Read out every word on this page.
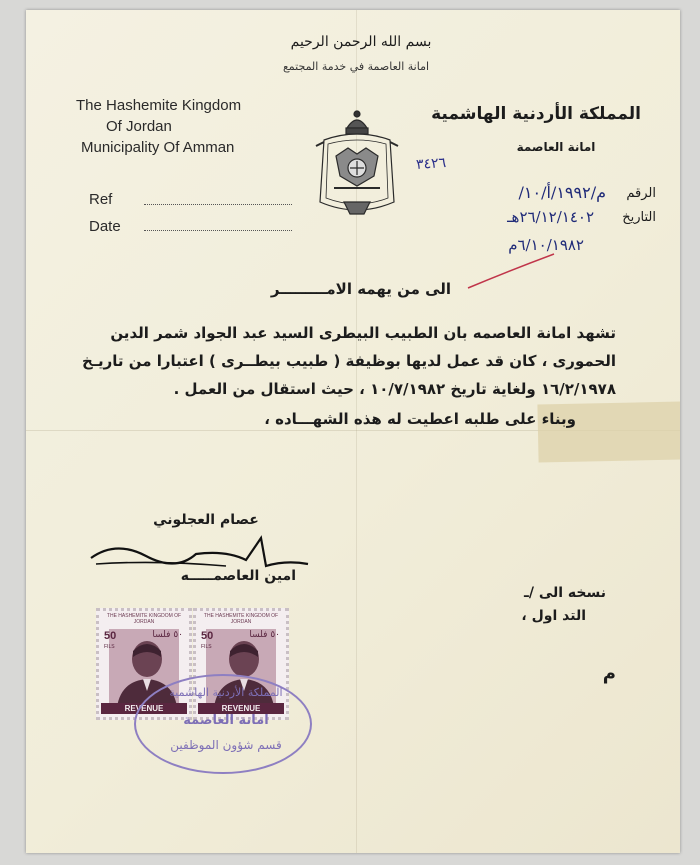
بسم الله الرحمن الرحيم
امانة العاصمة في خدمة المجتمع
The Hashemite Kingdom
Of Jordan
Municipality Of Amman
المملكة الأردنية الهاشمية
امانة العاصمة
Ref
Date
٣٤٢٦
الرقم
م/١٩٩٢/أ/١٠/
التاريخ
٢٦/١٢/١٤٠٢هـ
٦/١٠/١٩٨٢م
الى من يهمه الامـــــــــر
تشهد امانة العاصمه بان الطبيب البيطرى السيد عبد الجواد شمر الدين
الحمورى ، كان قد عمل لديها بوظيفة ( طبيب بيطــرى ) اعتبارا من تاريـخ
١٦/٢/١٩٧٨ ولغاية تاريخ ١٠/٧/١٩٨٢ ، حيث استقال من العمل .
وبناء على طلبه اعطيت له هذه الشهـــاده ،
عصام العجلوني
امين العاصمـــــه
نسخه الى /ـ
التد اول ،
م
THE HASHEMITE KINGDOM OF JORDAN
50
FILS
٥٠ فلسا
REVENUE
THE HASHEMITE KINGDOM OF JORDAN
50
FILS
٥٠ فلسا
REVENUE
المملكة الأردنية الهاشمية
امانة العاصمة
قسم شؤون الموظفين
